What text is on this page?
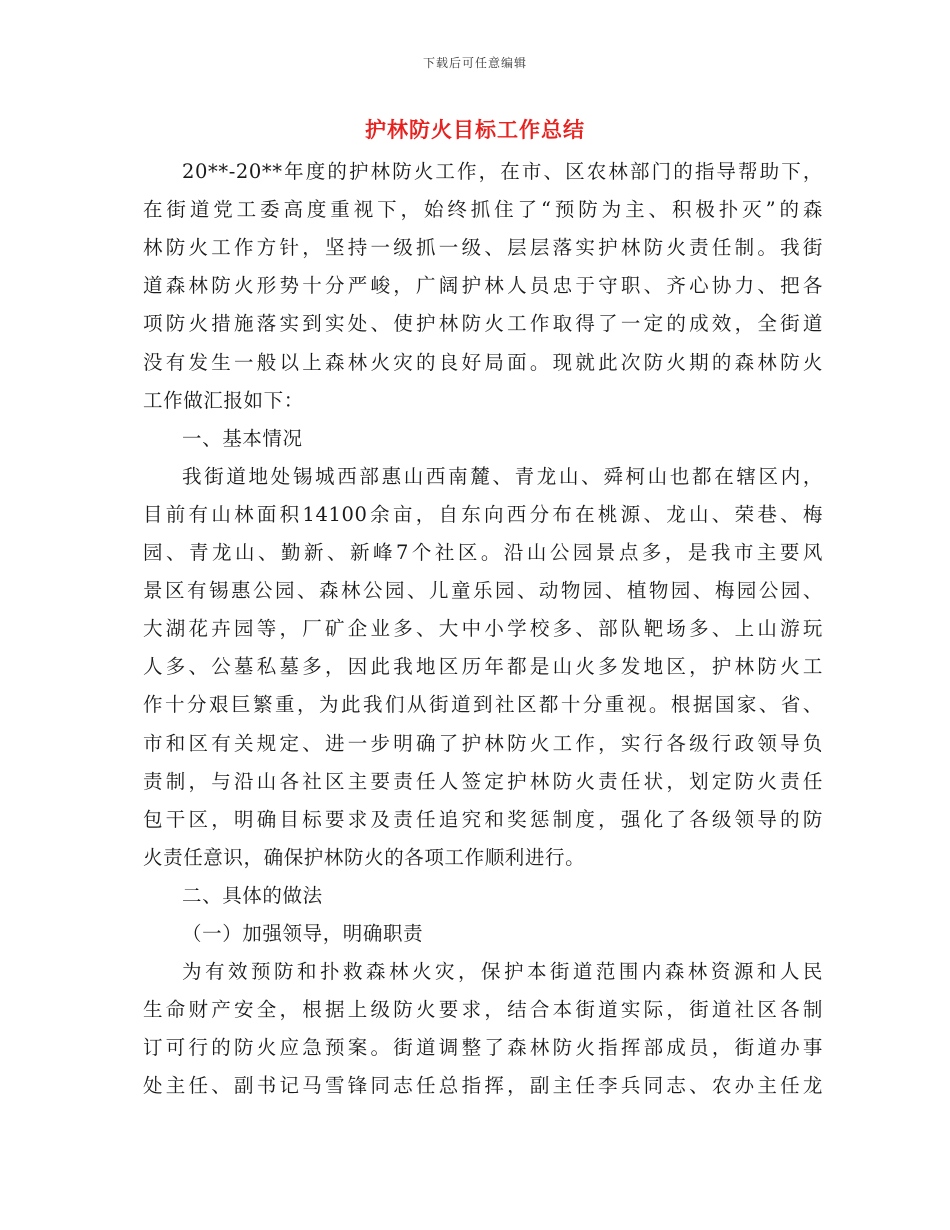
下载后可任意编辑
护林防火目标工作总结
20**-20**年度的护林防火工作，在市、区农林部门的指导帮助下，
在街道党工委高度重视下，始终抓住了“预防为主、积极扑灭”的森
林防火工作方针，坚持一级抓一级、层层落实护林防火责任制。我街
道森林防火形势十分严峻，广阔护林人员忠于守职、齐心协力、把各
项防火措施落实到实处、使护林防火工作取得了一定的成效，全街道
没有发生一般以上森林火灾的良好局面。现就此次防火期的森林防火
工作做汇报如下：
一、基本情况
我街道地处锡城西部惠山西南麓、青龙山、舜柯山也都在辖区内，
目前有山林面积14100余亩，自东向西分布在桃源、龙山、荣巷、梅
园、青龙山、勤新、新峰7个社区。沿山公园景点多，是我市主要风
景区有锡惠公园、森林公园、儿童乐园、动物园、植物园、梅园公园、
大湖花卉园等，厂矿企业多、大中小学校多、部队靶场多、上山游玩
人多、公墓私墓多，因此我地区历年都是山火多发地区，护林防火工
作十分艰巨繁重，为此我们从街道到社区都十分重视。根据国家、省、
市和区有关规定、进一步明确了护林防火工作，实行各级行政领导负
责制，与沿山各社区主要责任人签定护林防火责任状，划定防火责任
包干区，明确目标要求及责任追究和奖惩制度，强化了各级领导的防
火责任意识，确保护林防火的各项工作顺利进行。
二、具体的做法
（一）加强领导，明确职责
为有效预防和扑救森林火灾，保护本街道范围内森林资源和人民
生命财产安全，根据上级防火要求，结合本街道实际，街道社区各制
订可行的防火应急预案。街道调整了森林防火指挥部成员，街道办事
处主任、副书记马雪锋同志任总指挥，副主任李兵同志、农办主任龙
